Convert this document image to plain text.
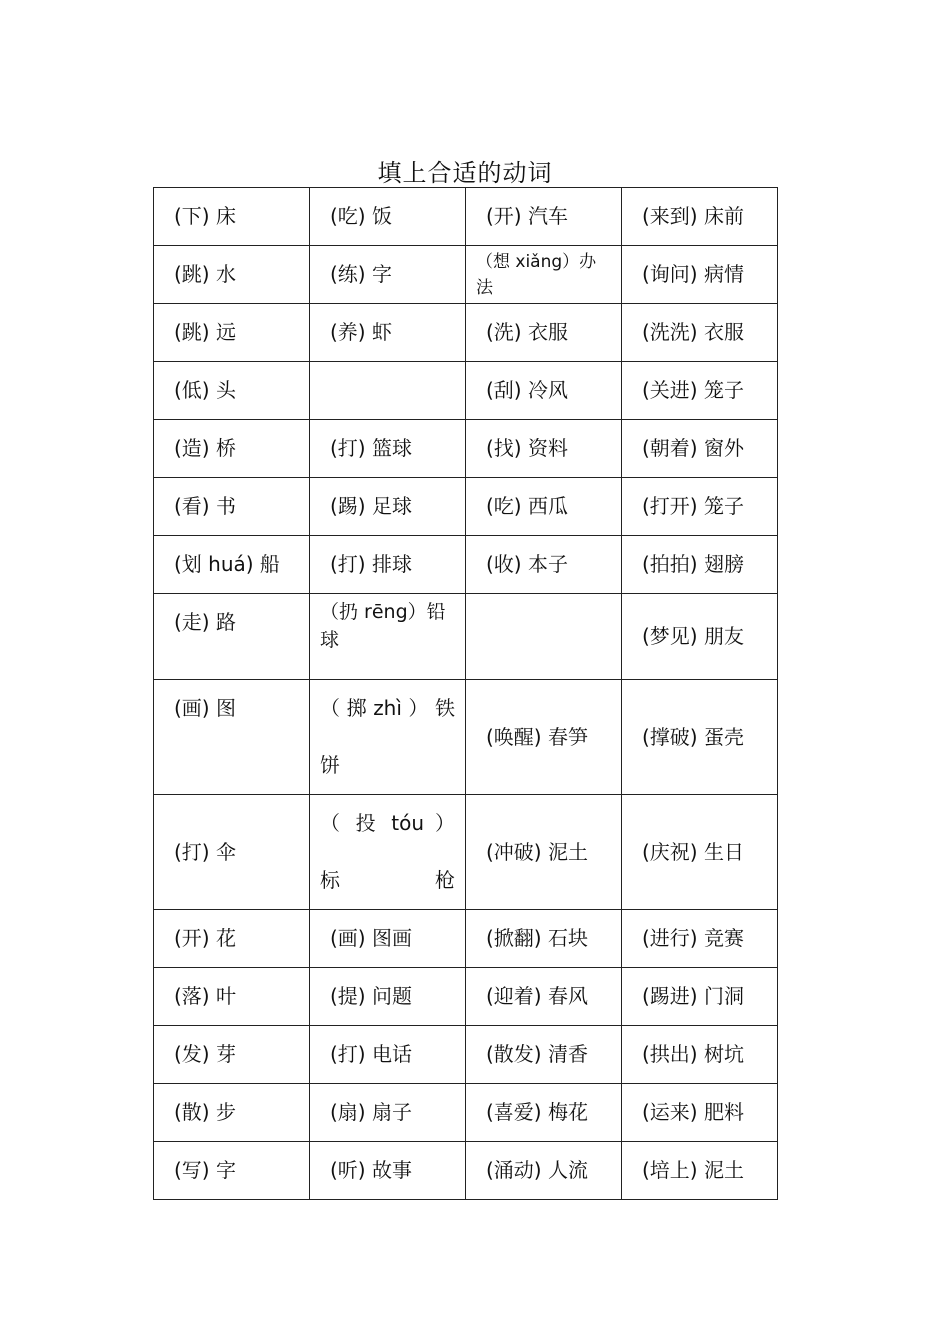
填上合适的动词
(下) 床	(吃) 饭	(开) 汽车	(来到) 床前
(跳) 水	(练) 字	（想 xiǎng）办法	(询问) 病情
(跳) 远	(养) 虾	(洗) 衣服	(洗洗) 衣服
(低) 头		(刮) 冷风	(关进) 笼子
(造) 桥	(打) 篮球	(找) 资料	(朝着) 窗外
(看) 书	(踢) 足球	(吃) 西瓜	(打开) 笼子
(划 huá) 船	(打) 排球	(收) 本子	(拍拍) 翅膀
(走) 路	（扔 rēng）铅球		(梦见) 朋友
(画) 图	（ 掷 zhì ） 铁饼	(唤醒) 春笋	(撑破) 蛋壳
(打) 伞	（ 投 tóu ） 标枪	(冲破) 泥土	(庆祝) 生日
(开) 花	(画) 图画	(掀翻) 石块	(进行) 竞赛
(落) 叶	(提) 问题	(迎着) 春风	(踢进) 门洞
(发) 芽	(打) 电话	(散发) 清香	(拱出) 树坑
(散) 步	(扇) 扇子	(喜爱) 梅花	(运来) 肥料
(写) 字	(听) 故事	(涌动) 人流	(培上) 泥土
